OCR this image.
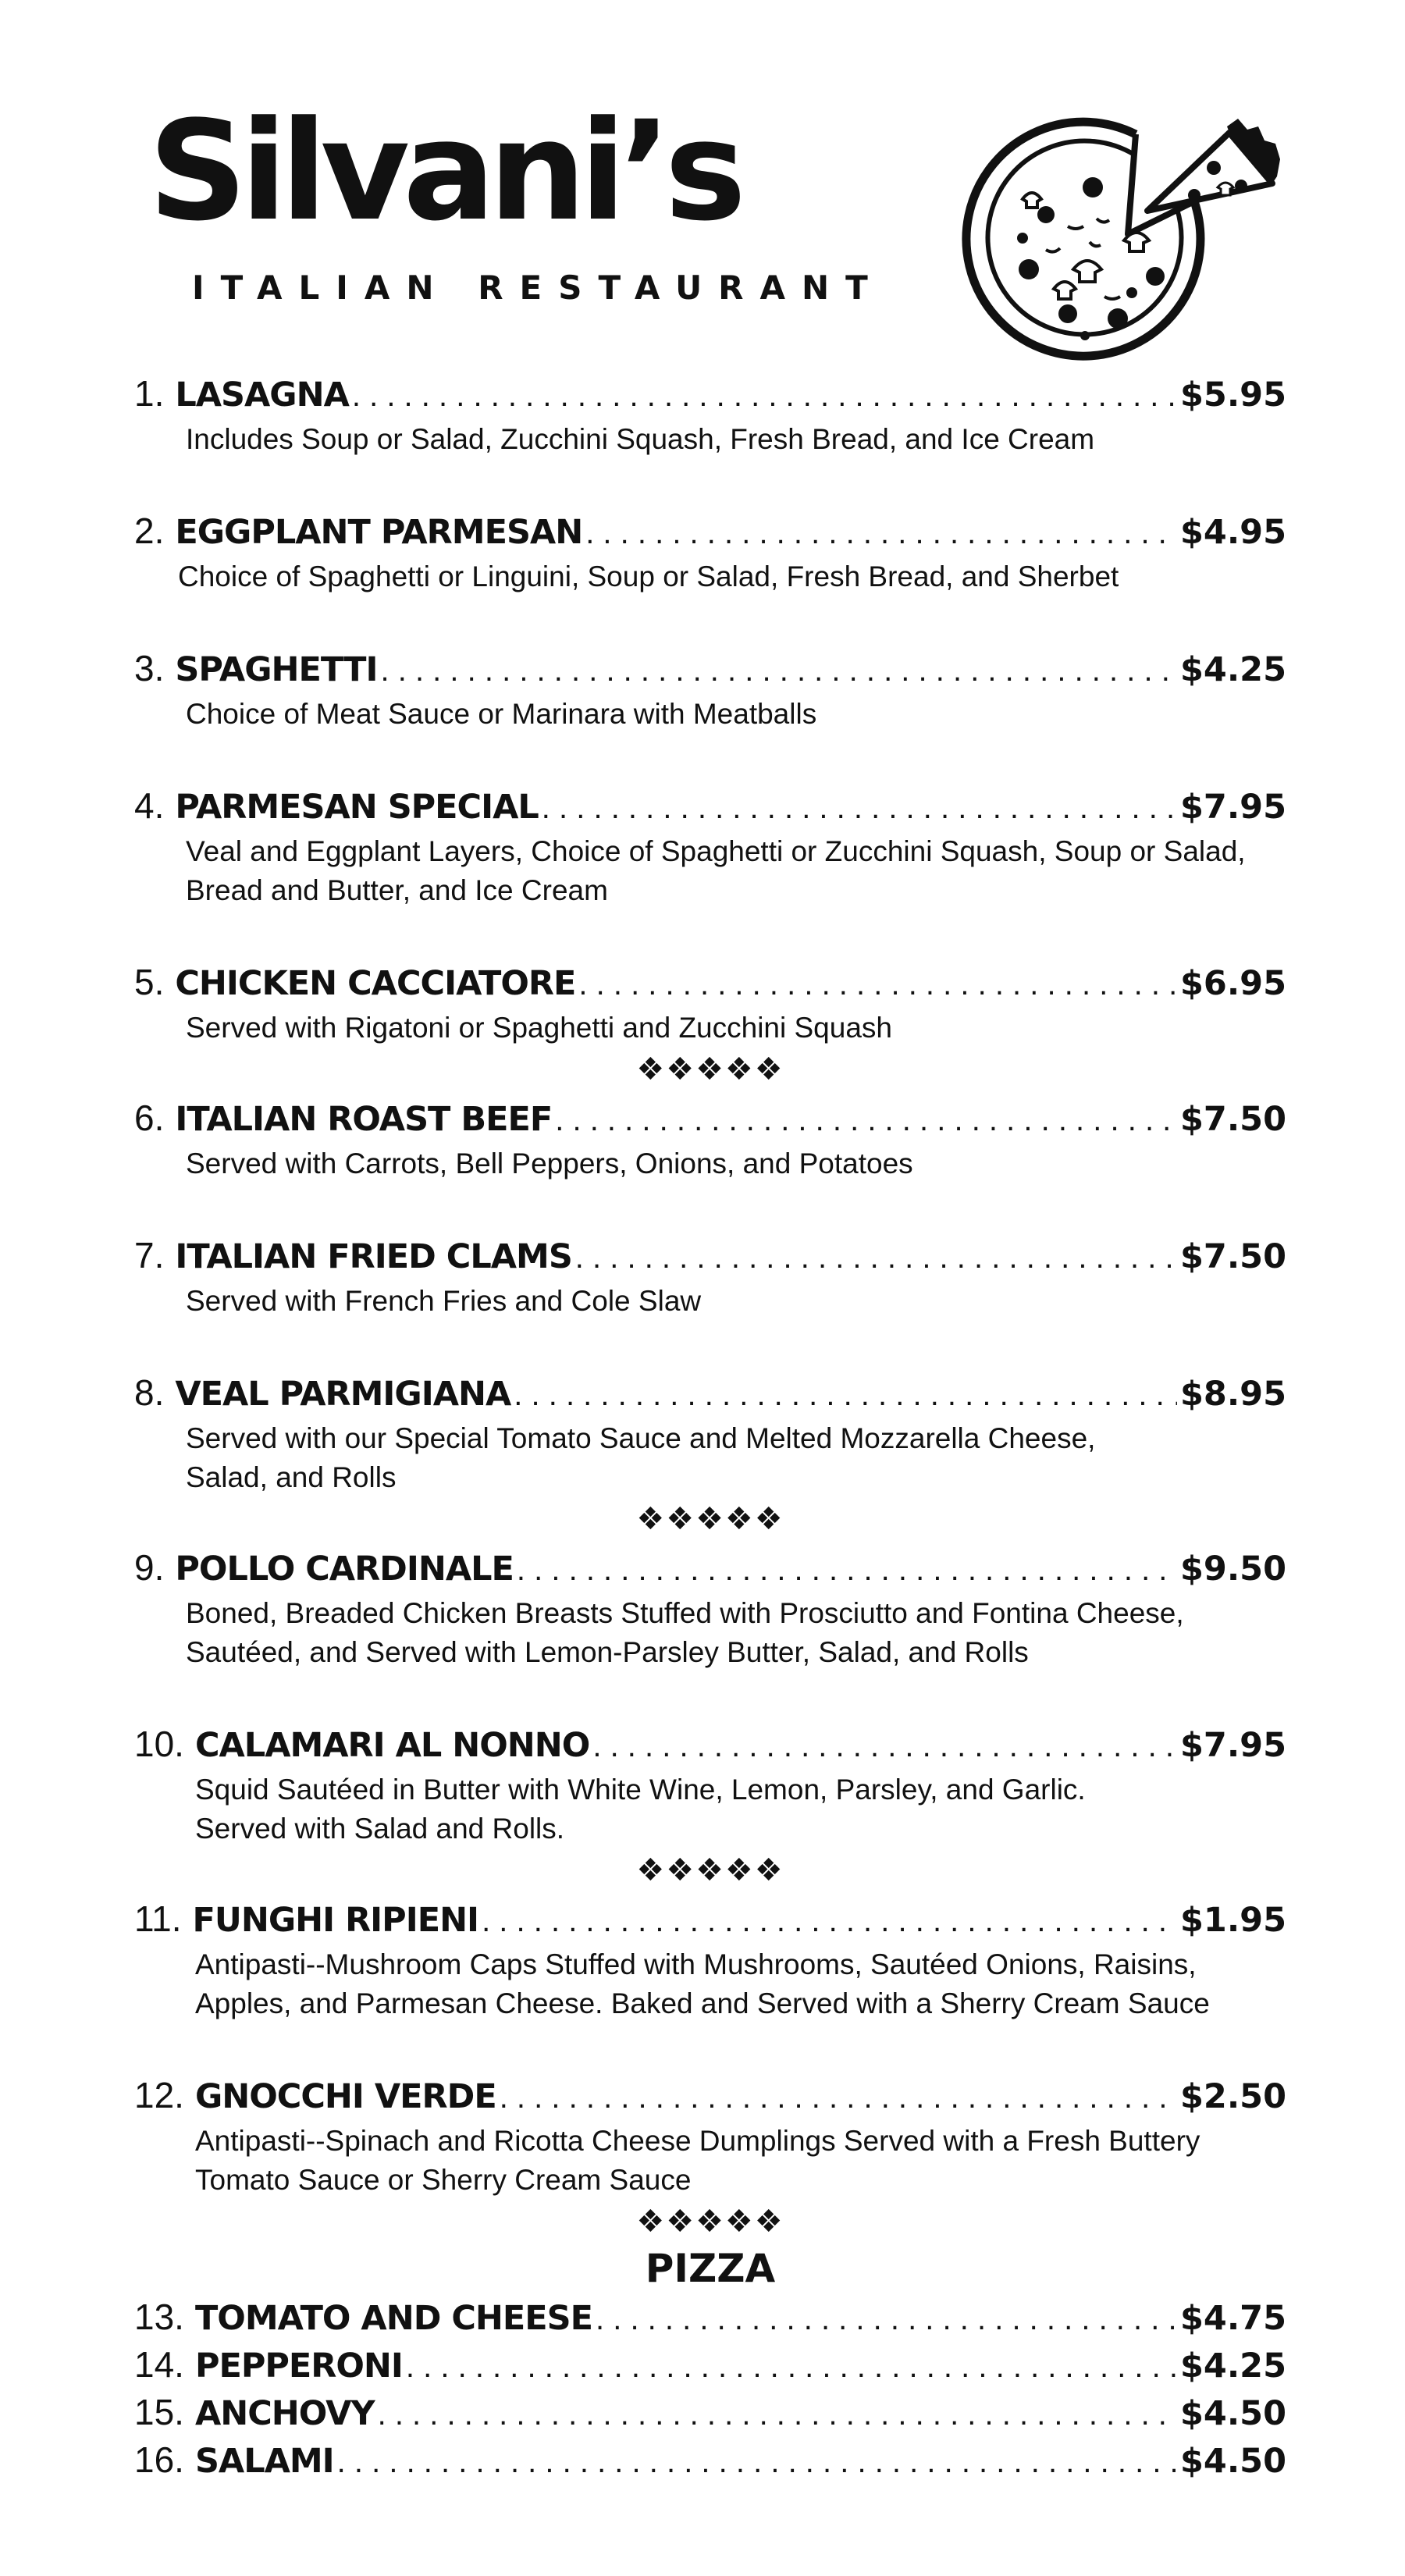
Silvani’s
ITALIAN RESTAURANT
1. LASAGNA . . .	$5.95
Includes Soup or Salad, Zucchini Squash, Fresh Bread, and Ice Cream
2. EGGPLANT PARMESAN . . .	$4.95
Choice of Spaghetti or Linguini, Soup or Salad, Fresh Bread, and Sherbet
3. SPAGHETTI . . .	$4.25
Choice of Meat Sauce or Marinara with Meatballs
4. PARMESAN SPECIAL . . .	$7.95
Veal and Eggplant Layers, Choice of Spaghetti or Zucchini Squash, Soup or Salad, Bread and Butter, and Ice Cream
5. CHICKEN CACCIATORE . . .	$6.95
Served with Rigatoni or Spaghetti and Zucchini Squash
❖❖❖❖❖
6. ITALIAN ROAST BEEF . . .	$7.50
Served with Carrots, Bell Peppers, Onions, and Potatoes
7. ITALIAN FRIED CLAMS . . .	$7.50
Served with French Fries and Cole Slaw
8. VEAL PARMIGIANA . . .	$8.95
Served with our Special Tomato Sauce and Melted Mozzarella Cheese, Salad, and Rolls
❖❖❖❖❖
9. POLLO CARDINALE . . .	$9.50
Boned, Breaded Chicken Breasts Stuffed with Prosciutto and Fontina Cheese, Sautéed, and Served with Lemon-Parsley Butter, Salad, and Rolls
10. CALAMARI AL NONNO . . .	$7.95
Squid Sautéed in Butter with White Wine, Lemon, Parsley, and Garlic. Served with Salad and Rolls.
❖❖❖❖❖
11. FUNGHI RIPIENI . . .	$1.95
Antipasti--Mushroom Caps Stuffed with Mushrooms, Sautéed Onions, Raisins, Apples, and Parmesan Cheese. Baked and Served with a Sherry Cream Sauce
12. GNOCCHI VERDE . . .	$2.50
Antipasti--Spinach and Ricotta Cheese Dumplings Served with a Fresh Buttery Tomato Sauce or Sherry Cream Sauce
❖❖❖❖❖
PIZZA
13. TOMATO AND CHEESE . . .	$4.75
14. PEPPERONI . . .	$4.25
15. ANCHOVY . . .	$4.50
16. SALAMI . . .	$4.50
